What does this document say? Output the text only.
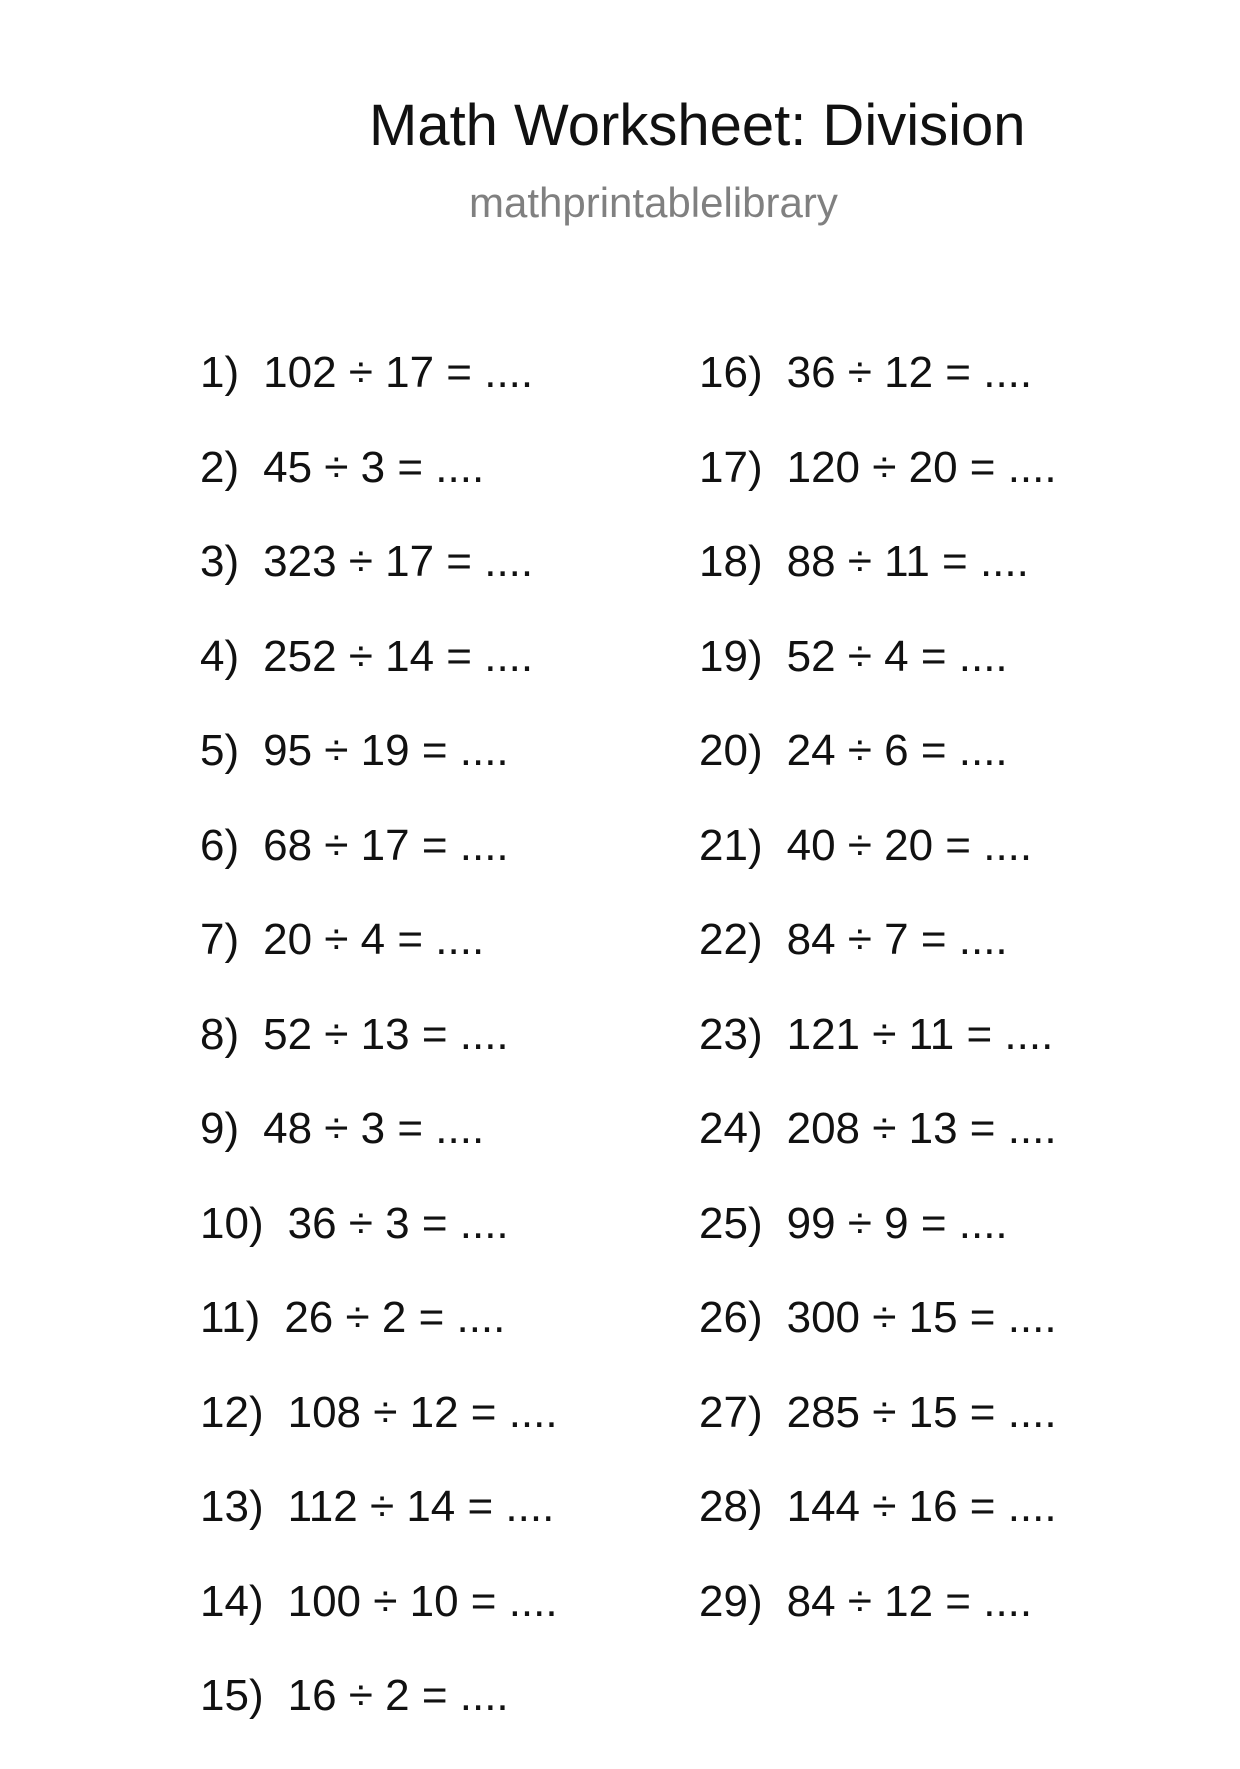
Math Worksheet: Division
mathprintablelibrary
1) 102 ÷ 17 = ....
2) 45 ÷ 3 = ....
3) 323 ÷ 17 = ....
4) 252 ÷ 14 = ....
5) 95 ÷ 19 = ....
6) 68 ÷ 17 = ....
7) 20 ÷ 4 = ....
8) 52 ÷ 13 = ....
9) 48 ÷ 3 = ....
10) 36 ÷ 3 = ....
11) 26 ÷ 2 = ....
12) 108 ÷ 12 = ....
13) 112 ÷ 14 = ....
14) 100 ÷ 10 = ....
15) 16 ÷ 2 = ....
16) 36 ÷ 12 = ....
17) 120 ÷ 20 = ....
18) 88 ÷ 11 = ....
19) 52 ÷ 4 = ....
20) 24 ÷ 6 = ....
21) 40 ÷ 20 = ....
22) 84 ÷ 7 = ....
23) 121 ÷ 11 = ....
24) 208 ÷ 13 = ....
25) 99 ÷ 9 = ....
26) 300 ÷ 15 = ....
27) 285 ÷ 15 = ....
28) 144 ÷ 16 = ....
29) 84 ÷ 12 = ....
